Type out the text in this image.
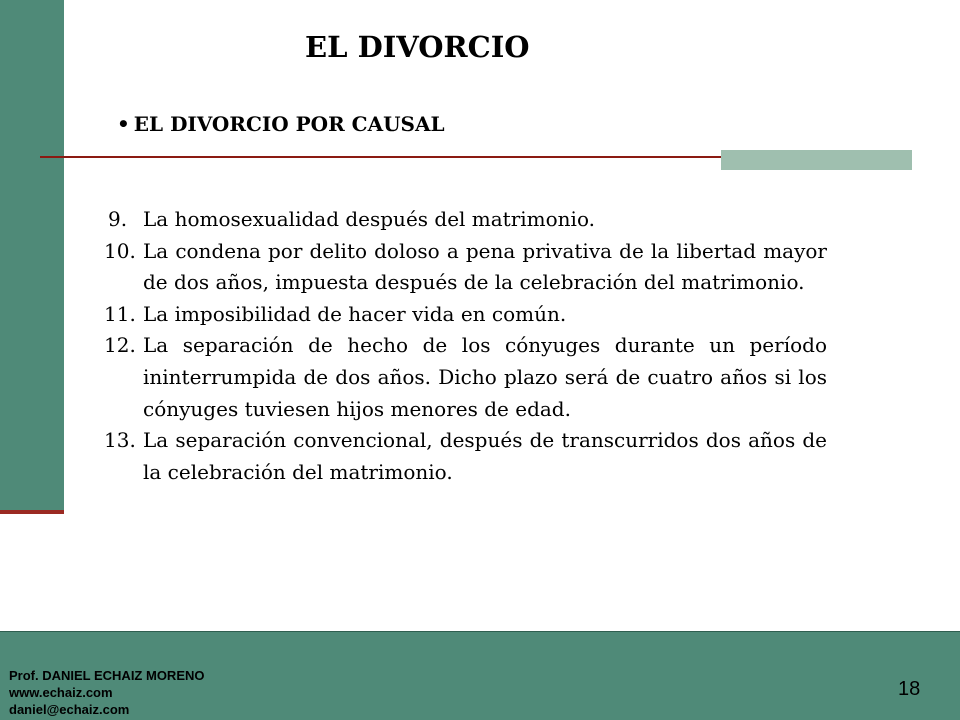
EL DIVORCIO
• EL DIVORCIO POR CAUSAL
9. La homosexualidad después del matrimonio.
10. La condena por delito doloso a pena privativa de la libertad mayor de dos años, impuesta después de la celebración del matrimonio.
11. La imposibilidad de hacer vida en común.
12. La separación de hecho de los cónyuges durante un período ininterrumpida de dos años. Dicho plazo será de cuatro años si los cónyuges tuviesen hijos menores de edad.
13. La separación convencional, después de transcurridos dos años de la celebración del matrimonio.
Prof. DANIEL ECHAIZ MORENO
www.echaiz.com
daniel@echaiz.com
18
